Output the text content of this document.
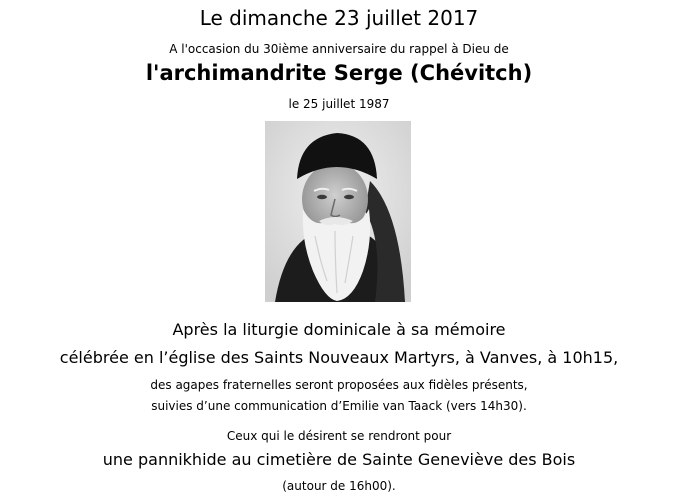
Le dimanche 23 juillet 2017
A l'occasion du 30ième anniversaire du rappel à Dieu de
l'archimandrite Serge (Chévitch)
le 25 juillet 1987
Après la liturgie dominicale à sa mémoire
célébrée en l’église des Saints Nouveaux Martyrs, à Vanves, à 10h15,
des agapes fraternelles seront proposées aux fidèles présents,
suivies d’une communication d’Emilie van Taack (vers 14h30).
Ceux qui le désirent se rendront pour
une pannikhide au cimetière de Sainte Geneviève des Bois
(autour de 16h00).
